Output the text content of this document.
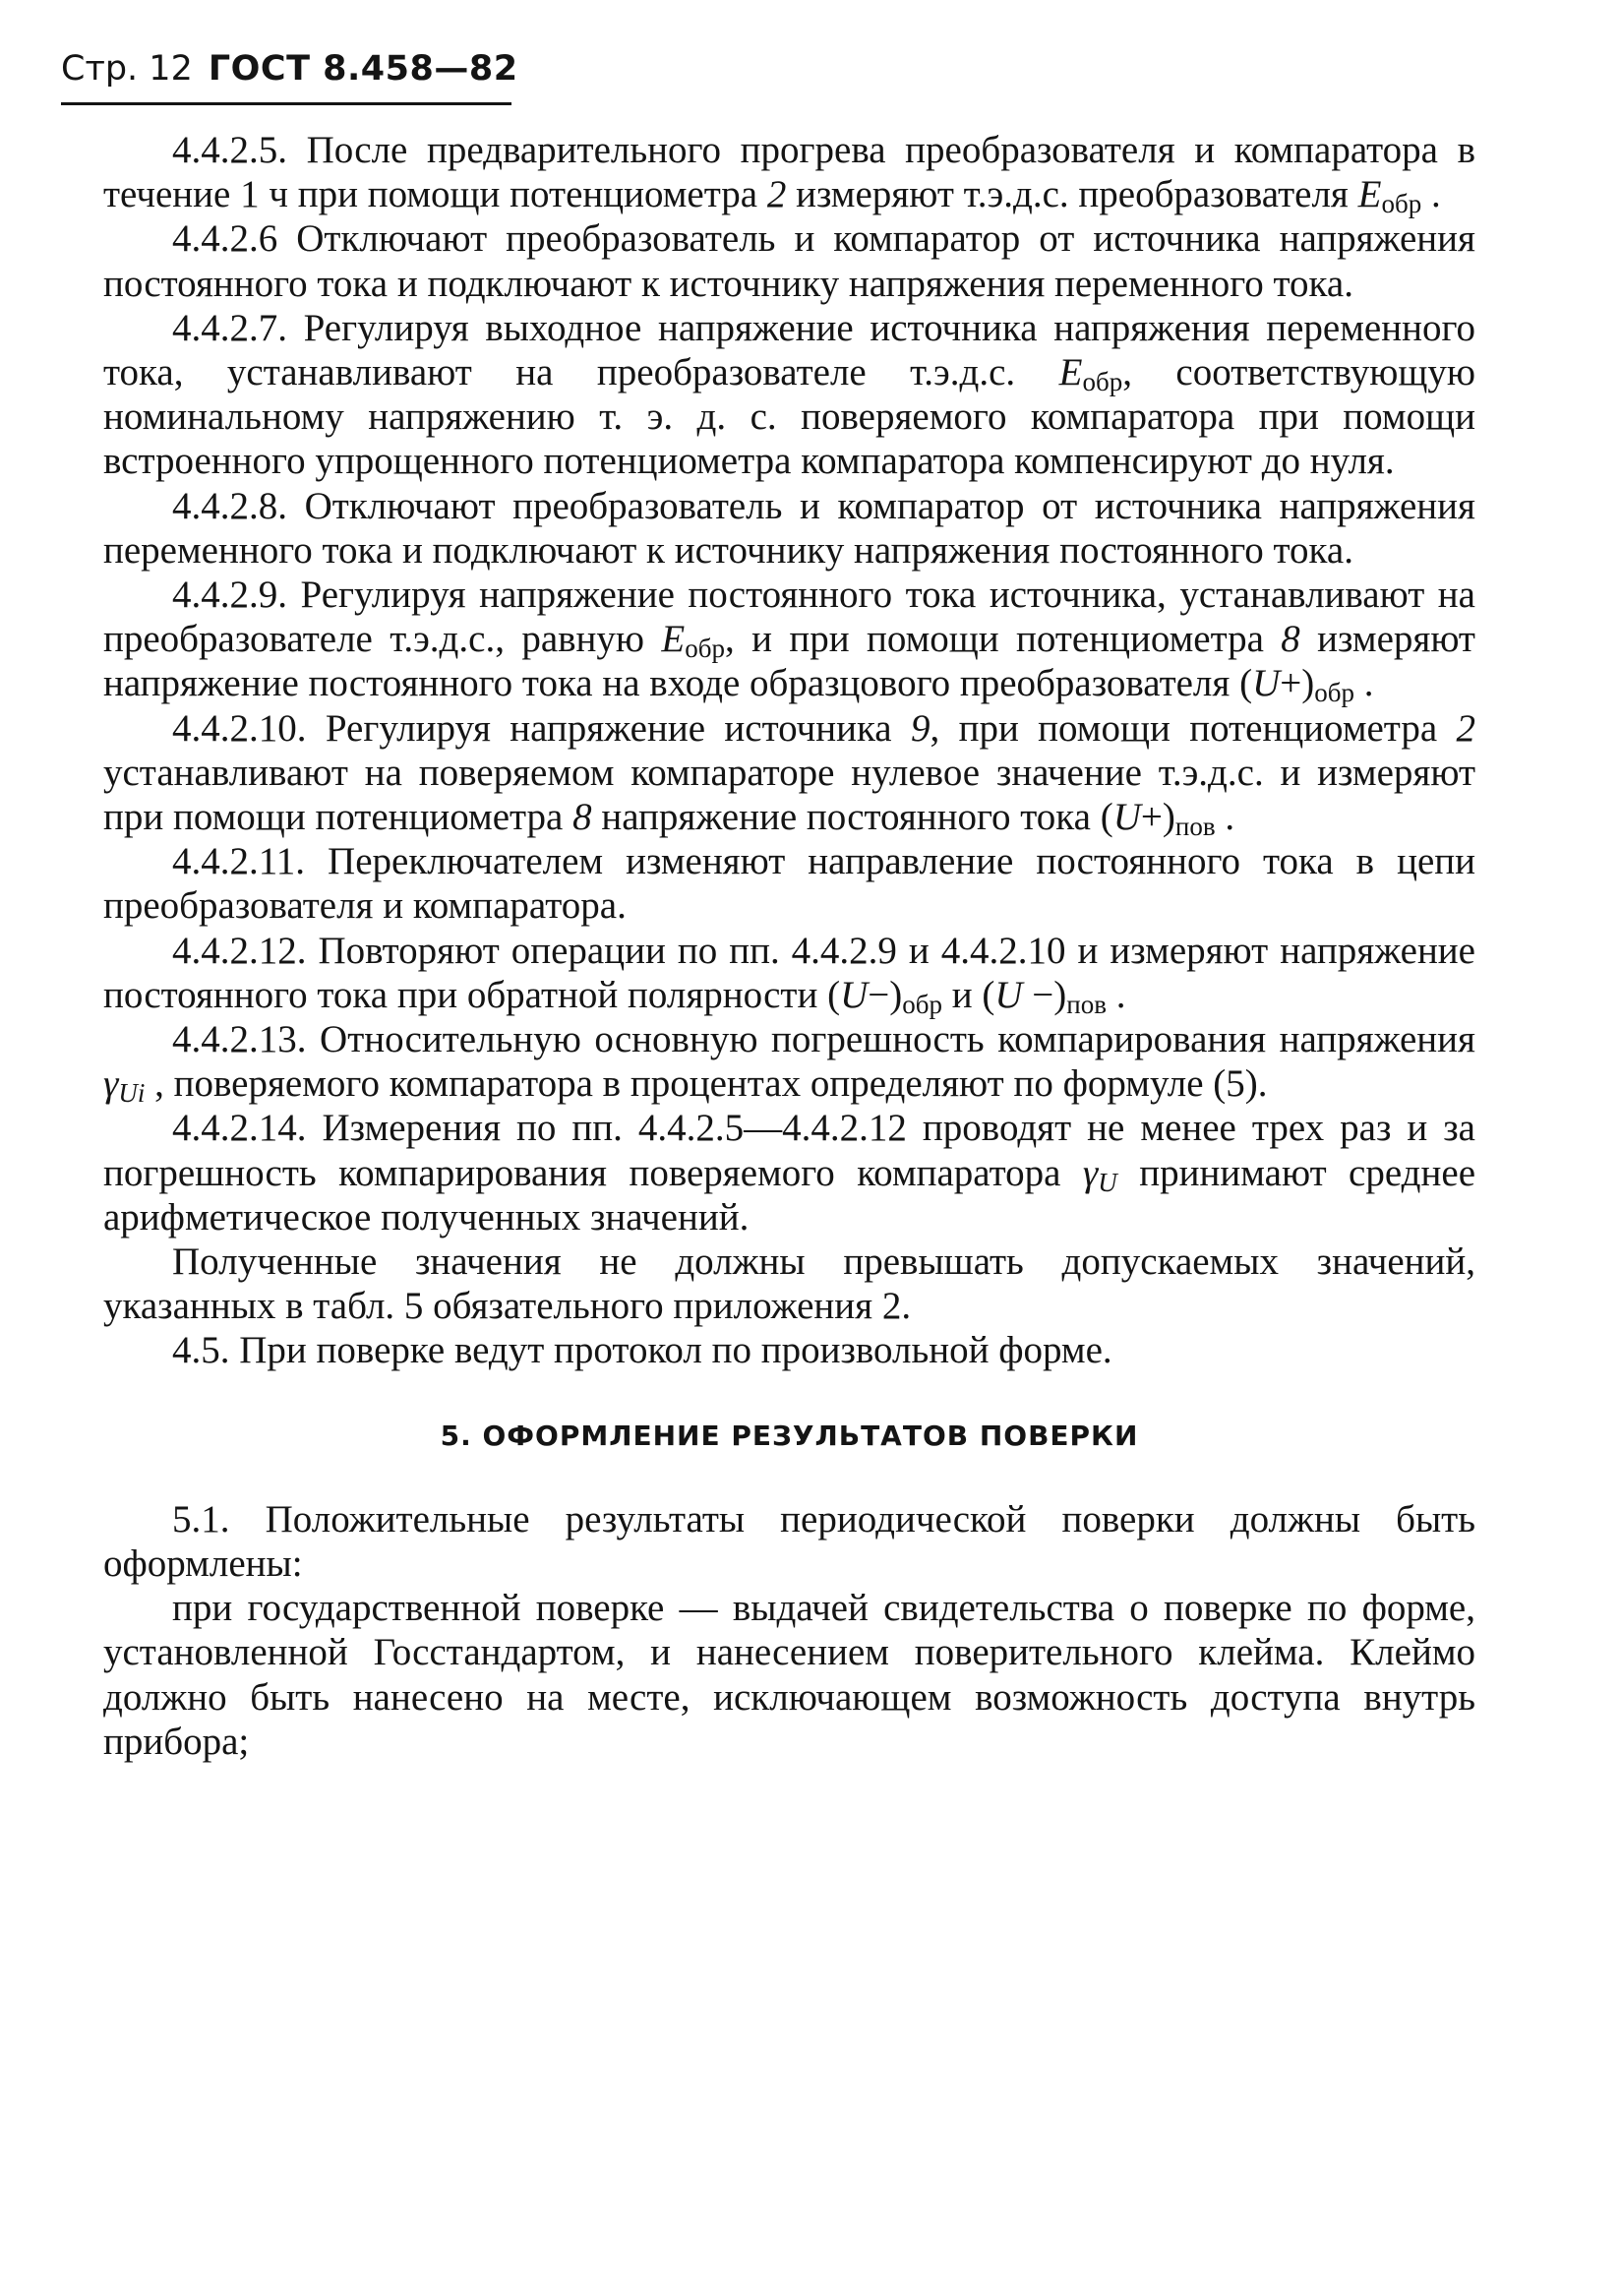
Стр. 12 ГОСТ 8.458—82

4.4.2.5. После предварительного прогрева преобразователя и компаратора в течение 1 ч при помощи потенциометра 2 измеряют т.э.д.с. преобразователя $E_{обр}$ .

4.4.2.6 Отключают преобразователь и компаратор от источника напряжения постоянного тока и подключают к источнику напряжения переменного тока.

4.4.2.7. Регулируя выходное напряжение источника напряжения переменного тока, устанавливают на преобразователе т.э.д.с. $E_{обр}$, соответствующую номинальному напряжению т. э. д. с. поверяемого компаратора при помощи встроенного упрощенного потенциометра компаратора компенсируют до нуля.

4.4.2.8. Отключают преобразователь и компаратор от источника напряжения переменного тока и подключают к источнику напряжения постоянного тока.

4.4.2.9. Регулируя напряжение постоянного тока источника, устанавливают на преобразователе т.э.д.с., равную $E_{обр}$, и при помощи потенциометра 8 измеряют напряжение постоянного тока на входе образцового преобразователя $(U+)_{обр}$ .

4.4.2.10. Регулируя напряжение источника 9, при помощи потенциометра 2 устанавливают на поверяемом компараторе нулевое значение т.э.д.с. и измеряют при помощи потенциометра 8 напряжение постоянного тока $(U+)_{пов}$ .

4.4.2.11. Переключателем изменяют направление постоянного тока в цепи преобразователя и компаратора.

4.4.2.12. Повторяют операции по пп. 4.4.2.9 и 4.4.2.10 и измеряют напряжение постоянного тока при обратной полярности $(U-)_{обр}$ и $(U -)_{пов}$ .

4.4.2.13. Относительную основную погрешность компарирования напряжения $\gamma_{Ui}$ , поверяемого компаратора в процентах определяют по формуле (5).

4.4.2.14. Измерения по пп. 4.4.2.5—4.4.2.12 проводят не менее трех раз и за погрешность компарирования поверяемого компаратора $\gamma_U$ принимают среднее арифметическое полученных значений.

Полученные значения не должны превышать допускаемых значений, указанных в табл. 5 обязательного приложения 2.

4.5. При поверке ведут протокол по произвольной форме.

5. ОФОРМЛЕНИЕ РЕЗУЛЬТАТОВ ПОВЕРКИ

5.1. Положительные результаты периодической поверки должны быть оформлены:

при государственной поверке — выдачей свидетельства о поверке по форме, установленной Госстандартом, и нанесением поверительного клейма. Клеймо должно быть нанесено на месте, исключающем возможность доступа внутрь прибора;
